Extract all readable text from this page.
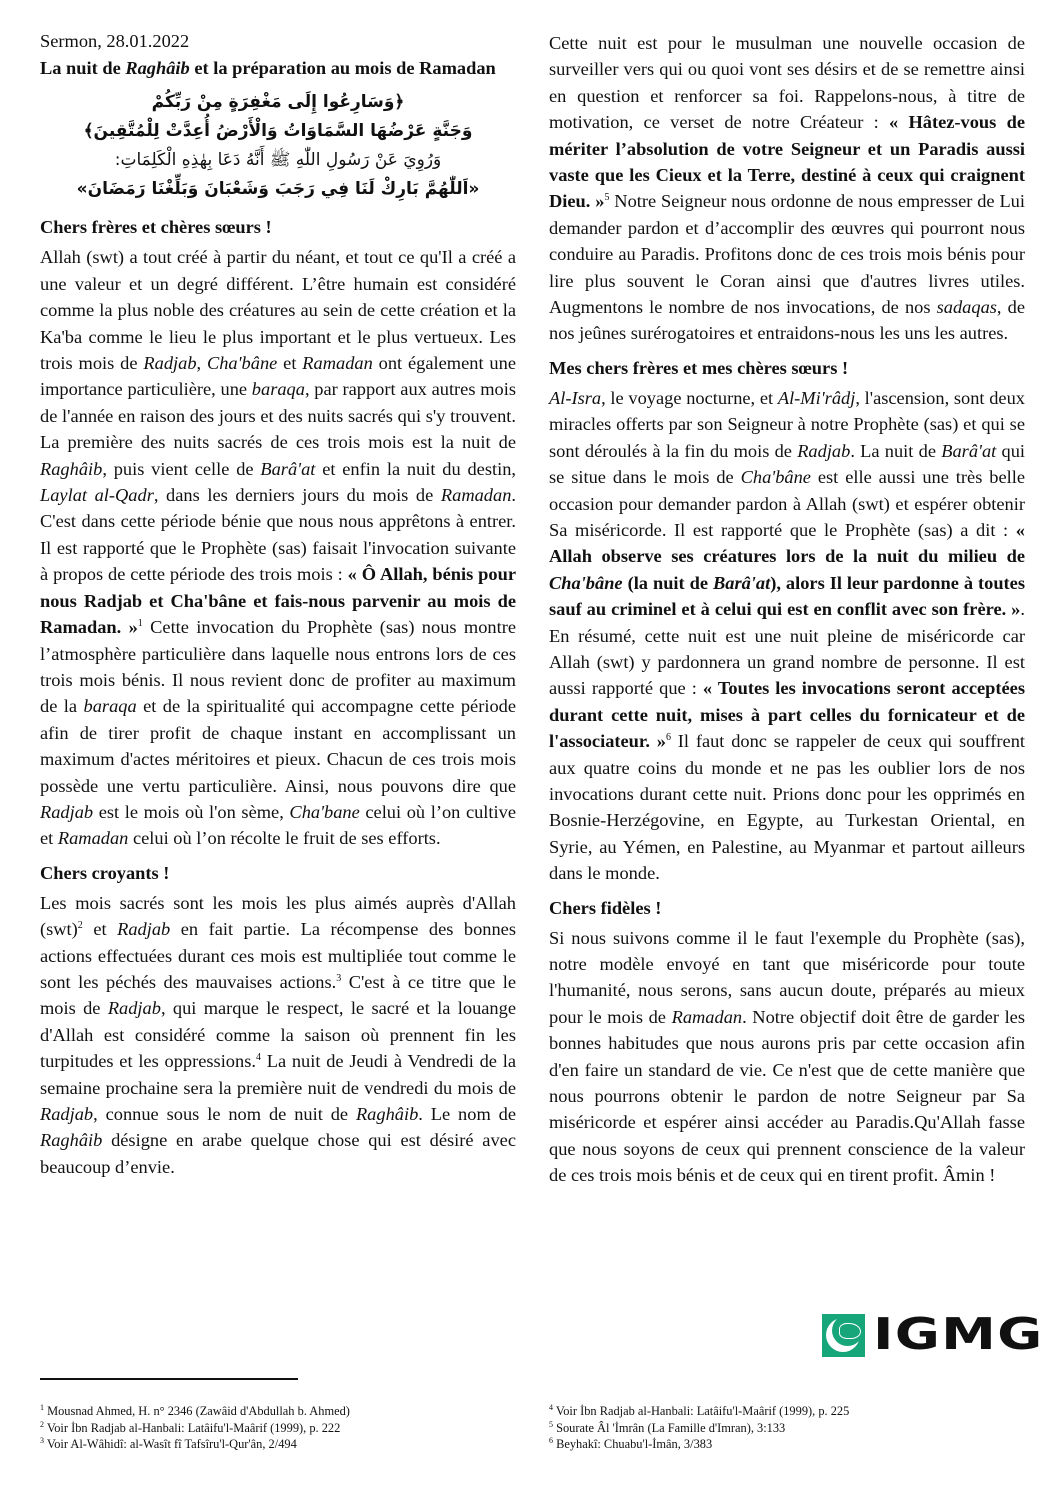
Sermon, 28.01.2022

La nuit de Raghâib et la préparation au mois de Ramadan

﴿وَسَارِعُوا إِلَى مَغْفِرَةٍ مِنْ رَبِّكُمْ
وَجَنَّةٍ عَرْضُهَا السَّمَاوَاتُ وَالْأَرْضُ أُعِدَّتْ لِلْمُتَّقِينَ﴾
وَرُوِيَ عَنْ رَسُولِ اللّٰهِ ﷺ أَنَّهُ دَعَا بِهٰذِهِ الْكَلِمَاتِ:
«اَللّٰهُمَّ بَارِكْ لَنَا فِي رَجَبَ وَشَعْبَانَ وَبَلِّغْنَا رَمَضَانَ»
Chers frères et chères sœurs !

Allah (swt) a tout créé à partir du néant, et tout ce qu'Il a créé a une valeur et un degré différent. L’être humain est considéré comme la plus noble des créatures au sein de cette création et la Ka'ba comme le lieu le plus important et le plus vertueux. Les trois mois de Radjab, Cha'bâne et Ramadan ont également une importance particulière, une baraqa, par rapport aux autres mois de l'année en raison des jours et des nuits sacrés qui s'y trouvent. La première des nuits sacrés de ces trois mois est la nuit de Raghâib, puis vient celle de Barâ'at et enfin la nuit du destin, Laylat al-Qadr, dans les derniers jours du mois de Ramadan. C'est dans cette période bénie que nous nous apprêtons à entrer. Il est rapporté que le Prophète (sas) faisait l'invocation suivante à propos de cette période des trois mois : « Ô Allah, bénis pour nous Radjab et Cha'bâne et fais-nous parvenir au mois de Ramadan. »$^1$ Cette invocation du Prophète (sas) nous montre l’atmosphère particulière dans laquelle nous entrons lors de ces trois mois bénis. Il nous revient donc de profiter au maximum de la baraqa et de la spiritualité qui accompagne cette période afin de tirer profit de chaque instant en accomplissant un maximum d'actes méritoires et pieux. Chacun de ces trois mois possède une vertu particulière. Ainsi, nous pouvons dire que Radjab est le mois où l'on sème, Cha'bane celui où l’on cultive et Ramadan celui où l’on récolte le fruit de ses efforts.

Chers croyants !

Les mois sacrés sont les mois les plus aimés auprès d'Allah (swt)$^2$ et Radjab en fait partie. La récompense des bonnes actions effectuées durant ces mois est multipliée tout comme le sont les péchés des mauvaises actions.$^3$ C'est à ce titre que le mois de Radjab, qui marque le respect, le sacré et la louange d'Allah est considéré comme la saison où prennent fin les turpitudes et les oppressions.$^4$ La nuit de Jeudi à Vendredi de la semaine prochaine sera la première nuit de vendredi du mois de Radjab, connue sous le nom de nuit de Raghâib. Le nom de Raghâib désigne en arabe quelque chose qui est désiré avec beaucoup d’envie.

Cette nuit est pour le musulman une nouvelle occasion de surveiller vers qui ou quoi vont ses désirs et de se remettre ainsi en question et renforcer sa foi. Rappelons-nous, à titre de motivation, ce verset de notre Créateur : « Hâtez-vous de mériter l’absolution de votre Seigneur et un Paradis aussi vaste que les Cieux et la Terre, destiné à ceux qui craignent Dieu. »$^5$ Notre Seigneur nous ordonne de nous empresser de Lui demander pardon et d’accomplir des œuvres qui pourront nous conduire au Paradis. Profitons donc de ces trois mois bénis pour lire plus souvent le Coran ainsi que d'autres livres utiles. Augmentons le nombre de nos invocations, de nos sadaqas, de nos jeûnes surérogatoires et entraidons-nous les uns les autres.

Mes chers frères et mes chères sœurs !

Al-Isra, le voyage nocturne, et Al-Mi'râdj, l'ascension, sont deux miracles offerts par son Seigneur à notre Prophète (sas) et qui se sont déroulés à la fin du mois de Radjab. La nuit de Barâ'at qui se situe dans le mois de Cha'bâne est elle aussi une très belle occasion pour demander pardon à Allah (swt) et espérer obtenir Sa miséricorde. Il est rapporté que le Prophète (sas) a dit : « Allah observe ses créatures lors de la nuit du milieu de Cha'bâne (la nuit de Barâ'at), alors Il leur pardonne à toutes sauf au criminel et à celui qui est en conflit avec son frère. ». En résumé, cette nuit est une nuit pleine de miséricorde car Allah (swt) y pardonnera un grand nombre de personne. Il est aussi rapporté que : « Toutes les invocations seront acceptées durant cette nuit, mises à part celles du fornicateur et de l'associateur. »$^6$ Il faut donc se rappeler de ceux qui souffrent aux quatre coins du monde et ne pas les oublier lors de nos invocations durant cette nuit. Prions donc pour les opprimés en Bosnie-Herzégovine, en Egypte, au Turkestan Oriental, en Syrie, au Yémen, en Palestine, au Myanmar et partout ailleurs dans le monde.

Chers fidèles !

Si nous suivons comme il le faut l'exemple du Prophète (sas), notre modèle envoyé en tant que miséricorde pour toute l'humanité, nous serons, sans aucun doute, préparés au mieux pour le mois de Ramadan. Notre objectif doit être de garder les bonnes habitudes que nous aurons pris par cette occasion afin d'en faire un standard de vie. Ce n'est que de cette manière que nous pourrons obtenir le pardon de notre Seigneur par Sa miséricorde et espérer ainsi accéder au Paradis.Qu'Allah fasse que nous soyons de ceux qui prennent conscience de la valeur de ces trois mois bénis et de ceux qui en tirent profit. Âmin !

IGMG
$^1$ Mousnad Ahmed, H. n° 2346 (Zawâid d'Abdullah b. Ahmed)
$^2$ Voir İbn Radjab al-Hanbali: Latâifu'l-Maârif (1999), p. 222
$^3$ Voir Al-Wâhidî: al-Wasît fî Tafsîru'l-Qur'ân, 2/494
$^4$ Voir İbn Radjab al-Hanbali: Latâifu'l-Maârif (1999), p. 225
$^5$ Sourate Âl 'İmrân (La Famille d'Imran), 3:133
$^6$ Beyhakî: Chuabu'l-İmân, 3/383
